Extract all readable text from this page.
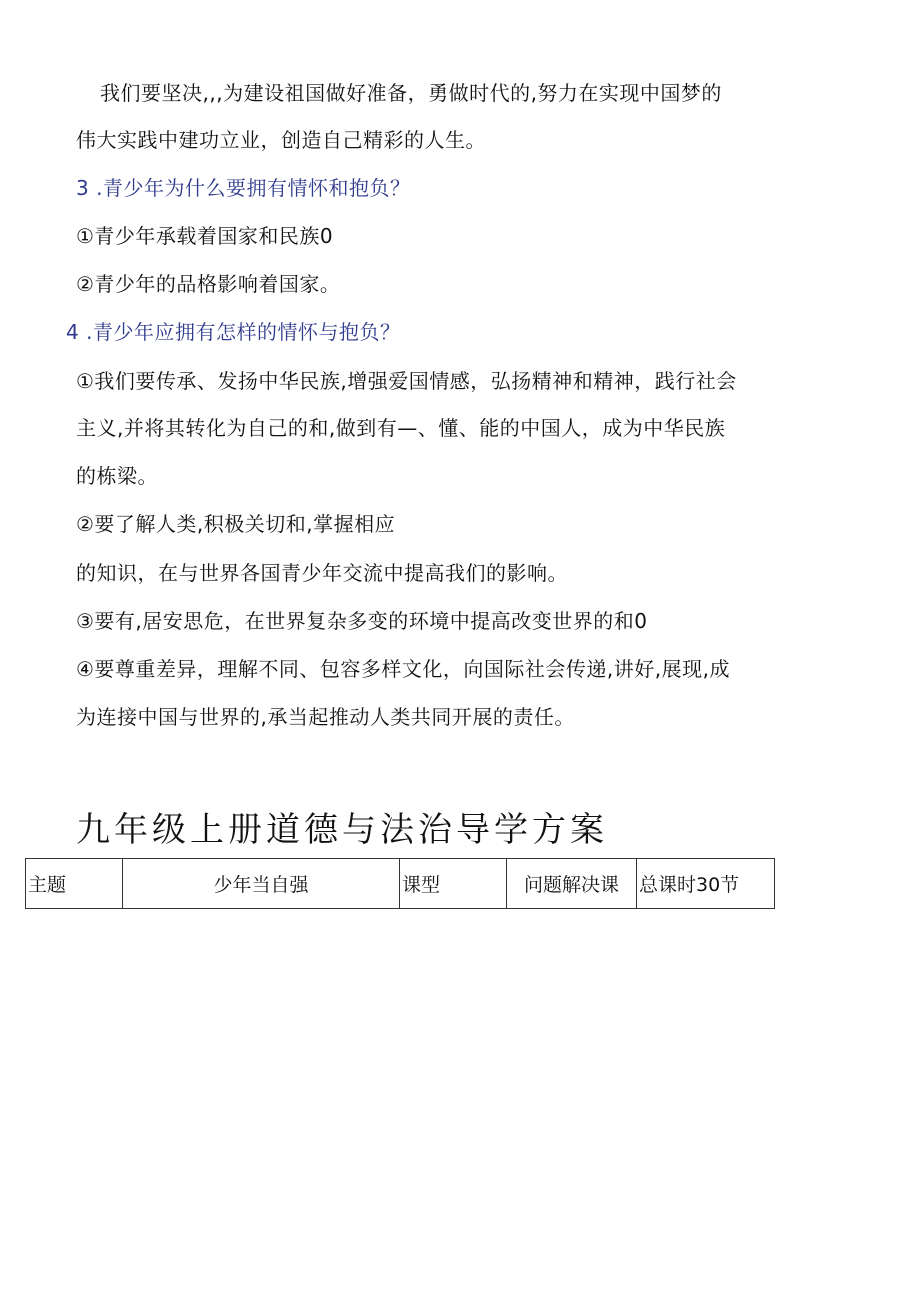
我们要坚决,,,为建设祖国做好准备，勇做时代的,努力在实现中国梦的
伟大实践中建功立业，创造自己精彩的人生。
3 .青少年为什么要拥有情怀和抱负？
①青少年承载着国家和民族0
②青少年的品格影响着国家。
4 .青少年应拥有怎样的情怀与抱负？
①我们要传承、发扬中华民族,增强爱国情感，弘扬精神和精神，践行社会
主义,并将其转化为自己的和,做到有—、懂、能的中国人，成为中华民族
的栋梁。
②要了解人类,积极关切和,掌握相应
的知识，在与世界各国青少年交流中提高我们的影响。
③要有,居安思危，在世界复杂多变的环境中提高改变世界的和0
④要尊重差异，理解不同、包容多样文化，向国际社会传递,讲好,展现,成
为连接中国与世界的,承当起推动人类共同开展的责任。
九年级上册道德与法治导学方案
主题	少年当自强	课型	问题解决课	总课时30节
